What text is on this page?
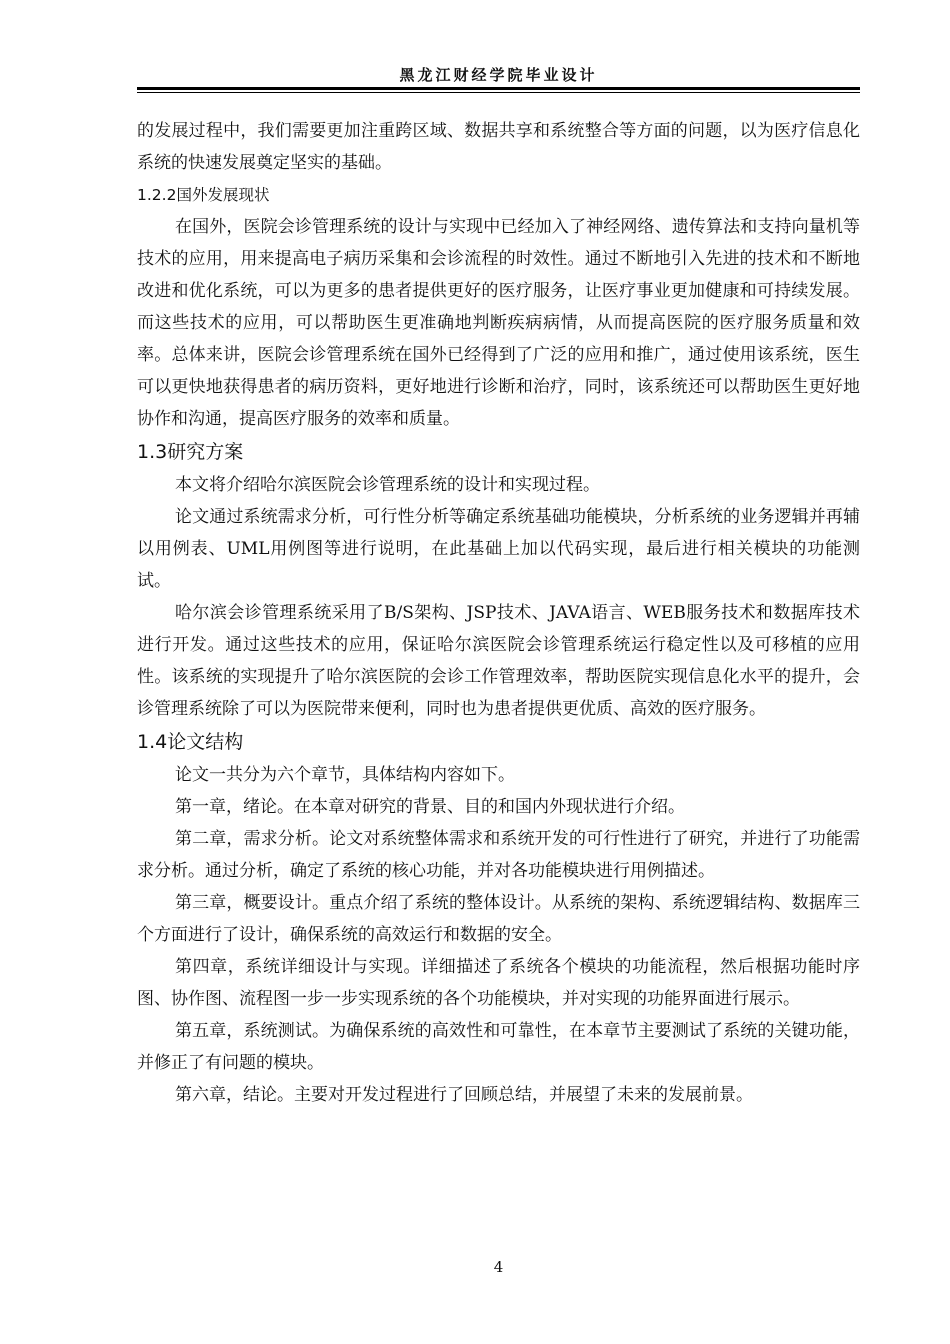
黑龙江财经学院毕业设计

的发展过程中，我们需要更加注重跨区域、数据共享和系统整合等方面的问题，以为医疗信息化系统的快速发展奠定坚实的基础。

1.2.2国外发展现状

在国外，医院会诊管理系统的设计与实现中已经加入了神经网络、遗传算法和支持向量机等技术的应用，用来提高电子病历采集和会诊流程的时效性。通过不断地引入先进的技术和不断地改进和优化系统，可以为更多的患者提供更好的医疗服务，让医疗事业更加健康和可持续发展。而这些技术的应用，可以帮助医生更准确地判断疾病病情，从而提高医院的医疗服务质量和效率。总体来讲，医院会诊管理系统在国外已经得到了广泛的应用和推广，通过使用该系统，医生可以更快地获得患者的病历资料，更好地进行诊断和治疗，同时，该系统还可以帮助医生更好地协作和沟通，提高医疗服务的效率和质量。

1.3研究方案

本文将介绍哈尔滨医院会诊管理系统的设计和实现过程。

论文通过系统需求分析，可行性分析等确定系统基础功能模块，分析系统的业务逻辑并再辅以用例表、UML用例图等进行说明，在此基础上加以代码实现，最后进行相关模块的功能测试。

哈尔滨会诊管理系统采用了B/S架构、JSP技术、JAVA语言、WEB服务技术和数据库技术进行开发。通过这些技术的应用，保证哈尔滨医院会诊管理系统运行稳定性以及可移植的应用性。该系统的实现提升了哈尔滨医院的会诊工作管理效率，帮助医院实现信息化水平的提升，会诊管理系统除了可以为医院带来便利，同时也为患者提供更优质、高效的医疗服务。

1.4论文结构

论文一共分为六个章节，具体结构内容如下。

第一章，绪论。在本章对研究的背景、目的和国内外现状进行介绍。

第二章，需求分析。论文对系统整体需求和系统开发的可行性进行了研究，并进行了功能需求分析。通过分析，确定了系统的核心功能，并对各功能模块进行用例描述。

第三章，概要设计。重点介绍了系统的整体设计。从系统的架构、系统逻辑结构、数据库三个方面进行了设计，确保系统的高效运行和数据的安全。

第四章，系统详细设计与实现。详细描述了系统各个模块的功能流程，然后根据功能时序图、协作图、流程图一步一步实现系统的各个功能模块，并对实现的功能界面进行展示。

第五章，系统测试。为确保系统的高效性和可靠性，在本章节主要测试了系统的关键功能，并修正了有问题的模块。

第六章，结论。主要对开发过程进行了回顾总结，并展望了未来的发展前景。

4
